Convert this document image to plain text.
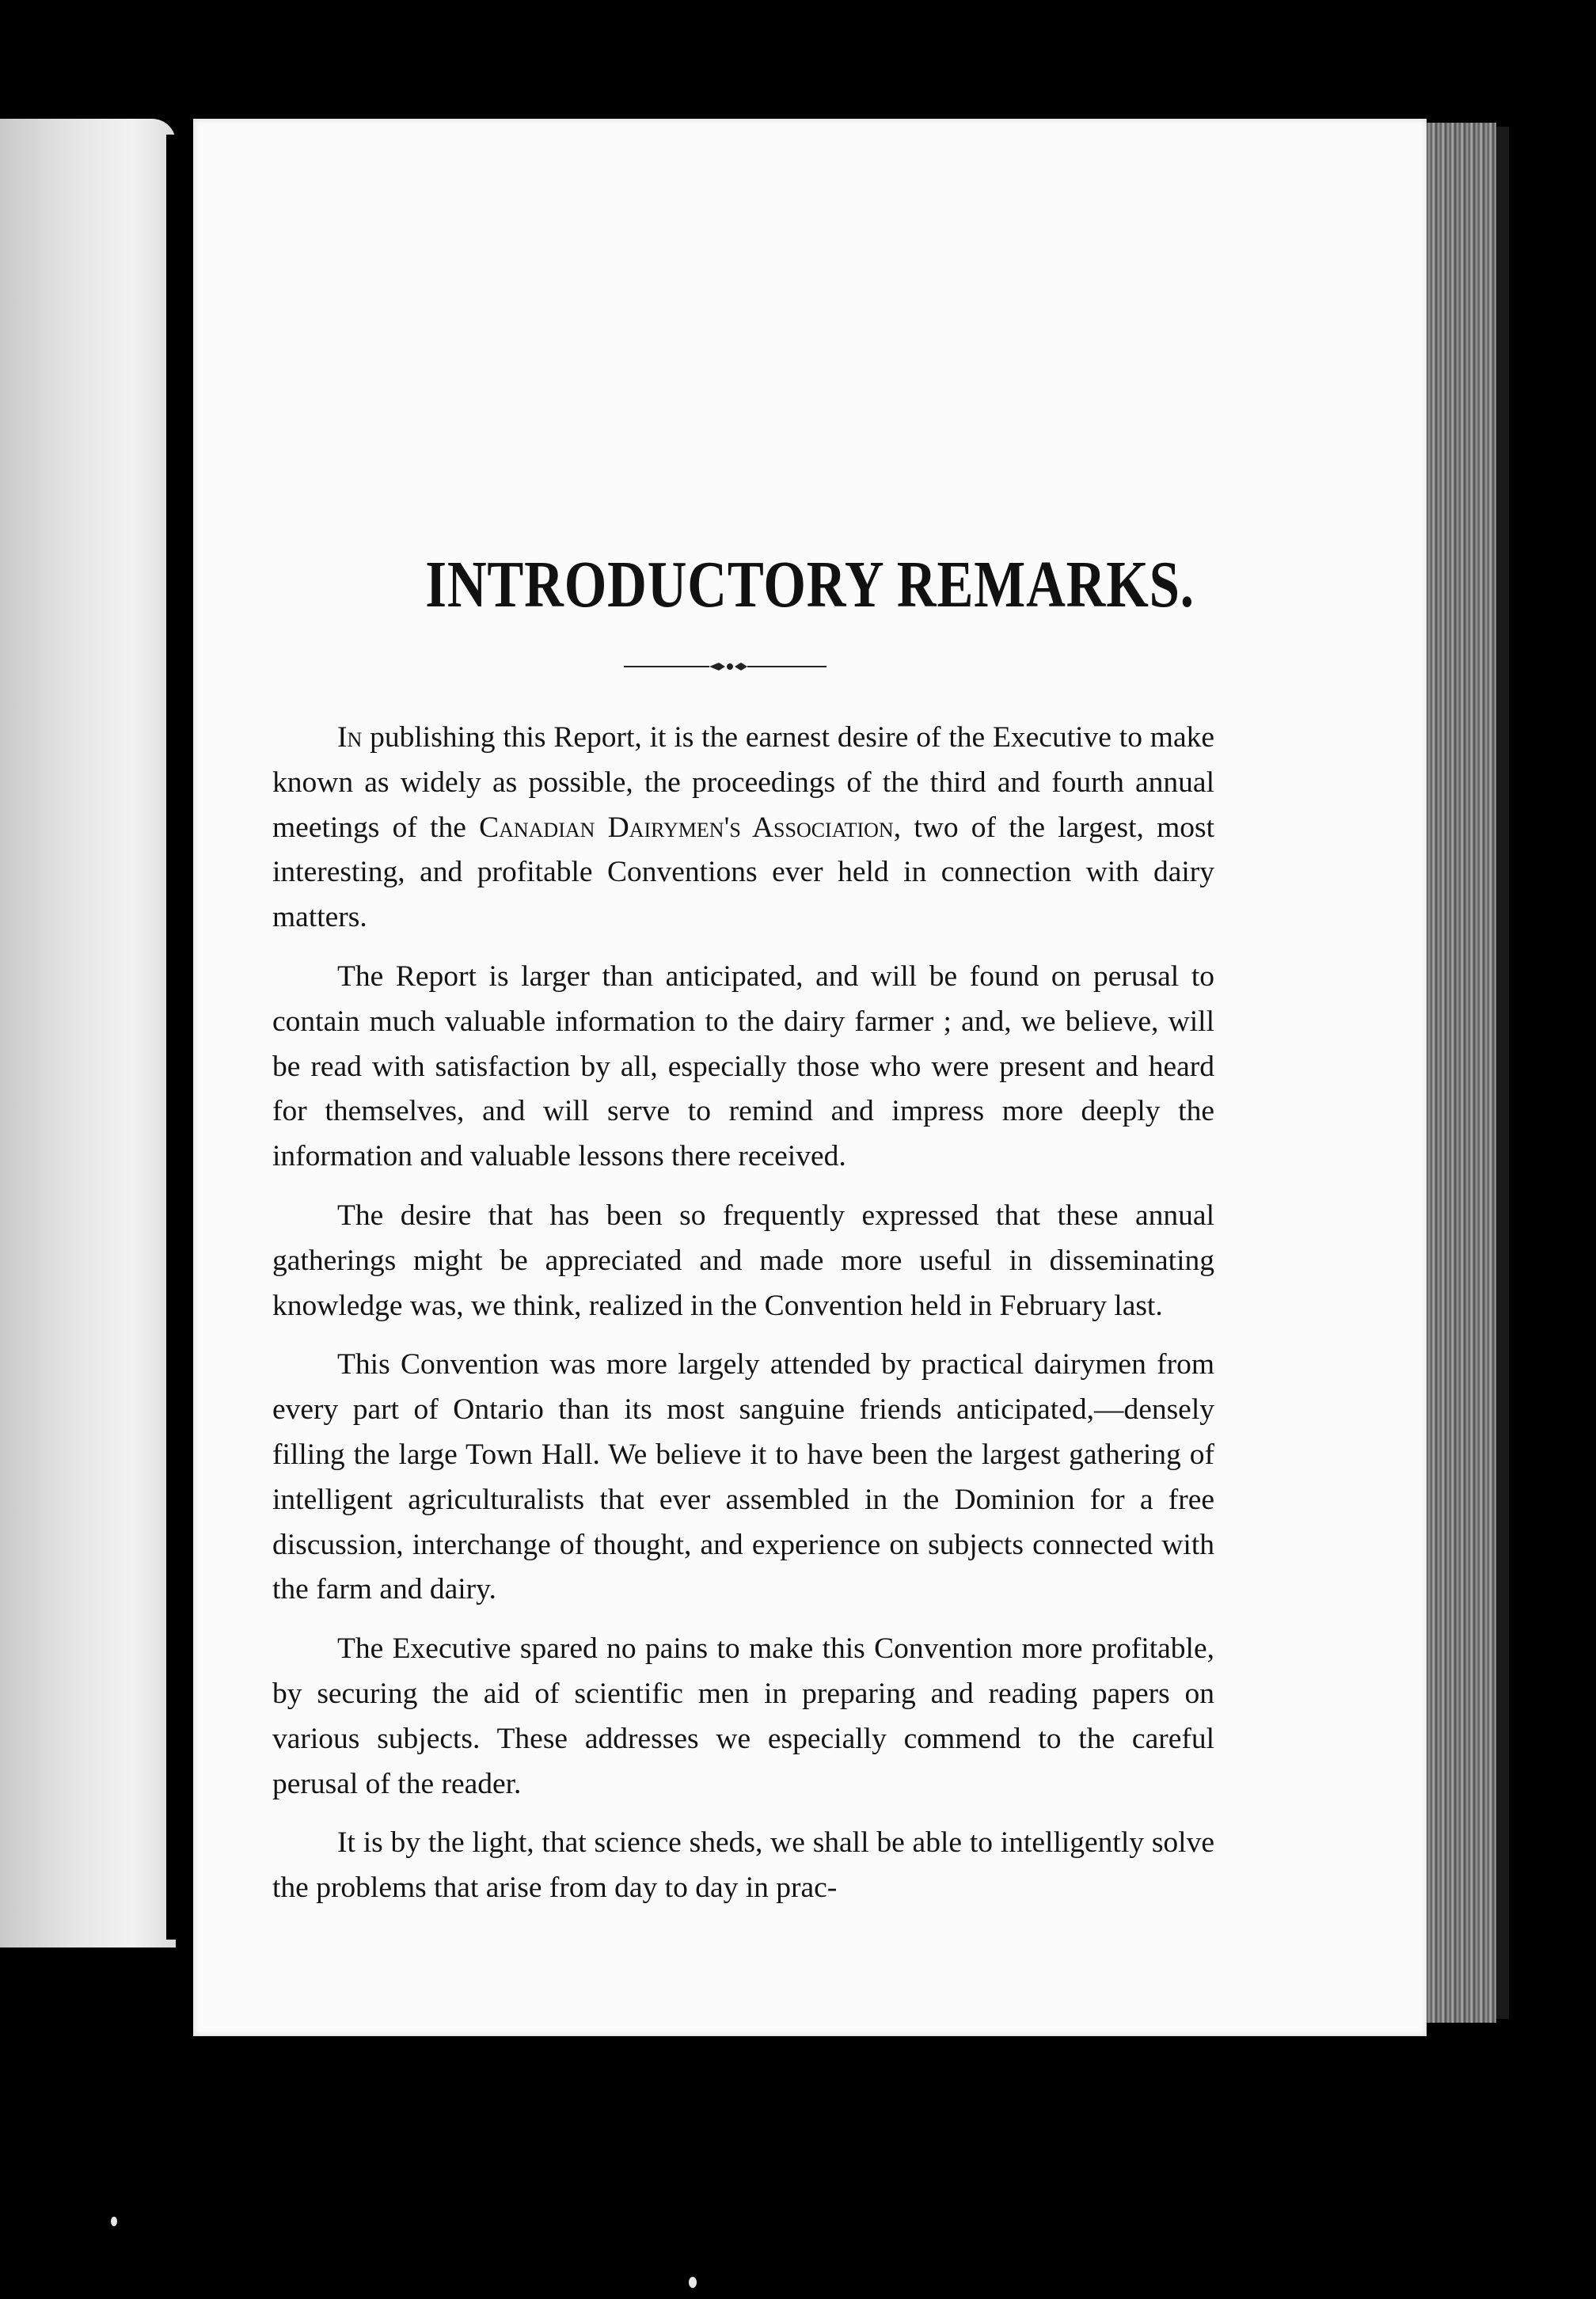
INTRODUCTORY REMARKS.

In publishing this Report, it is the earnest desire of the Executive to make known as widely as possible, the proceedings of the third and fourth annual meetings of the Canadian Dairymen's Association, two of the largest, most interesting, and profitable Conventions ever held in connection with dairy matters.

The Report is larger than anticipated, and will be found on perusal to contain much valuable information to the dairy farmer ; and, we believe, will be read with satisfaction by all, especially those who were present and heard for themselves, and will serve to remind and impress more deeply the information and valuable lessons there received.

The desire that has been so frequently expressed that these annual gatherings might be appreciated and made more useful in disseminating knowledge was, we think, realized in the Convention held in February last.

This Convention was more largely attended by practical dairymen from every part of Ontario than its most sanguine friends anticipated,—densely filling the large Town Hall. We believe it to have been the largest gathering of intelligent agriculturalists that ever assembled in the Dominion for a free discussion, interchange of thought, and experience on subjects connected with the farm and dairy.

The Executive spared no pains to make this Convention more profitable, by securing the aid of scientific men in preparing and reading papers on various subjects. These addresses we especially commend to the careful perusal of the reader.

It is by the light, that science sheds, we shall be able to intelligently solve the problems that arise from day to day in prac-
